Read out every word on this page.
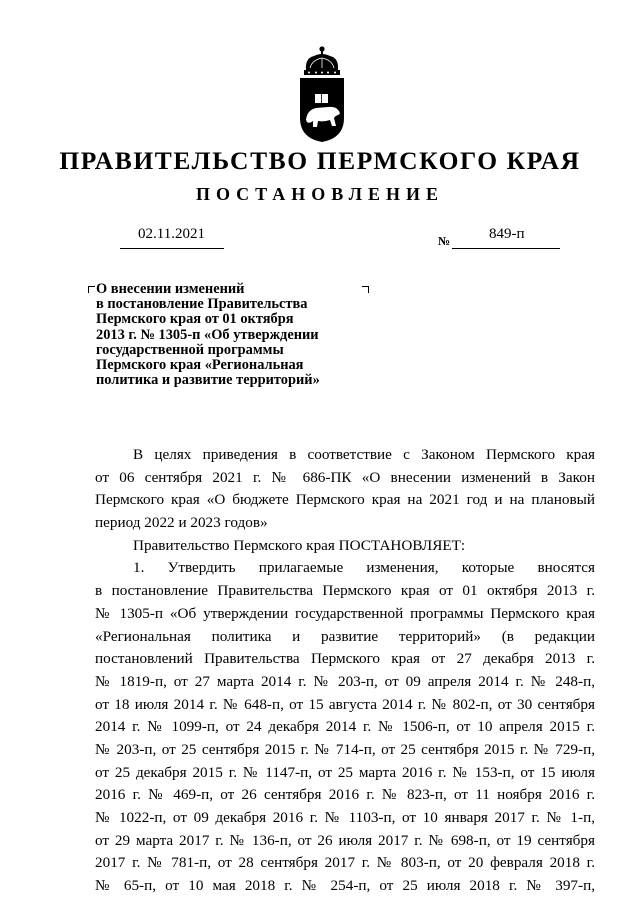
ПРАВИТЕЛЬСТВО ПЕРМСКОГО КРАЯ
ПОСТАНОВЛЕНИЕ
02.11.2021	№	849-п
О внесении изменений
в постановление Правительства
Пермского края от 01 октября
2013 г. № 1305-п «Об утверждении
государственной программы
Пермского края «Региональная
политика и развитие территорий»
В целях приведения в соответствие с Законом Пермского края
от 06 сентября 2021 г. № 686-ПК «О внесении изменений в Закон
Пермского края «О бюджете Пермского края на 2021 год и на плановый
период 2022 и 2023 годов»
Правительство Пермского края ПОСТАНОВЛЯЕТ:
1. Утвердить прилагаемые изменения, которые вносятся
в постановление Правительства Пермского края от 01 октября 2013 г.
№ 1305-п «Об утверждении государственной программы Пермского края
«Региональная политика и развитие территорий» (в редакции
постановлений Правительства Пермского края от 27 декабря 2013 г.
№ 1819-п, от 27 марта 2014 г. № 203-п, от 09 апреля 2014 г. № 248-п,
от 18 июля 2014 г. № 648-п, от 15 августа 2014 г. № 802-п, от 30 сентября
2014 г. № 1099-п, от 24 декабря 2014 г. № 1506-п, от 10 апреля 2015 г.
№ 203-п, от 25 сентября 2015 г. № 714-п, от 25 сентября 2015 г. № 729-п,
от 25 декабря 2015 г. № 1147-п, от 25 марта 2016 г. № 153-п, от 15 июля
2016 г. № 469-п, от 26 сентября 2016 г. № 823-п, от 11 ноября 2016 г.
№ 1022-п, от 09 декабря 2016 г. № 1103-п, от 10 января 2017 г. № 1-п,
от 29 марта 2017 г. № 136-п, от 26 июля 2017 г. № 698-п, от 19 сентября
2017 г. № 781-п, от 28 сентября 2017 г. № 803-п, от 20 февраля 2018 г.
№ 65-п, от 10 мая 2018 г. № 254-п, от 25 июля 2018 г. № 397-п,
